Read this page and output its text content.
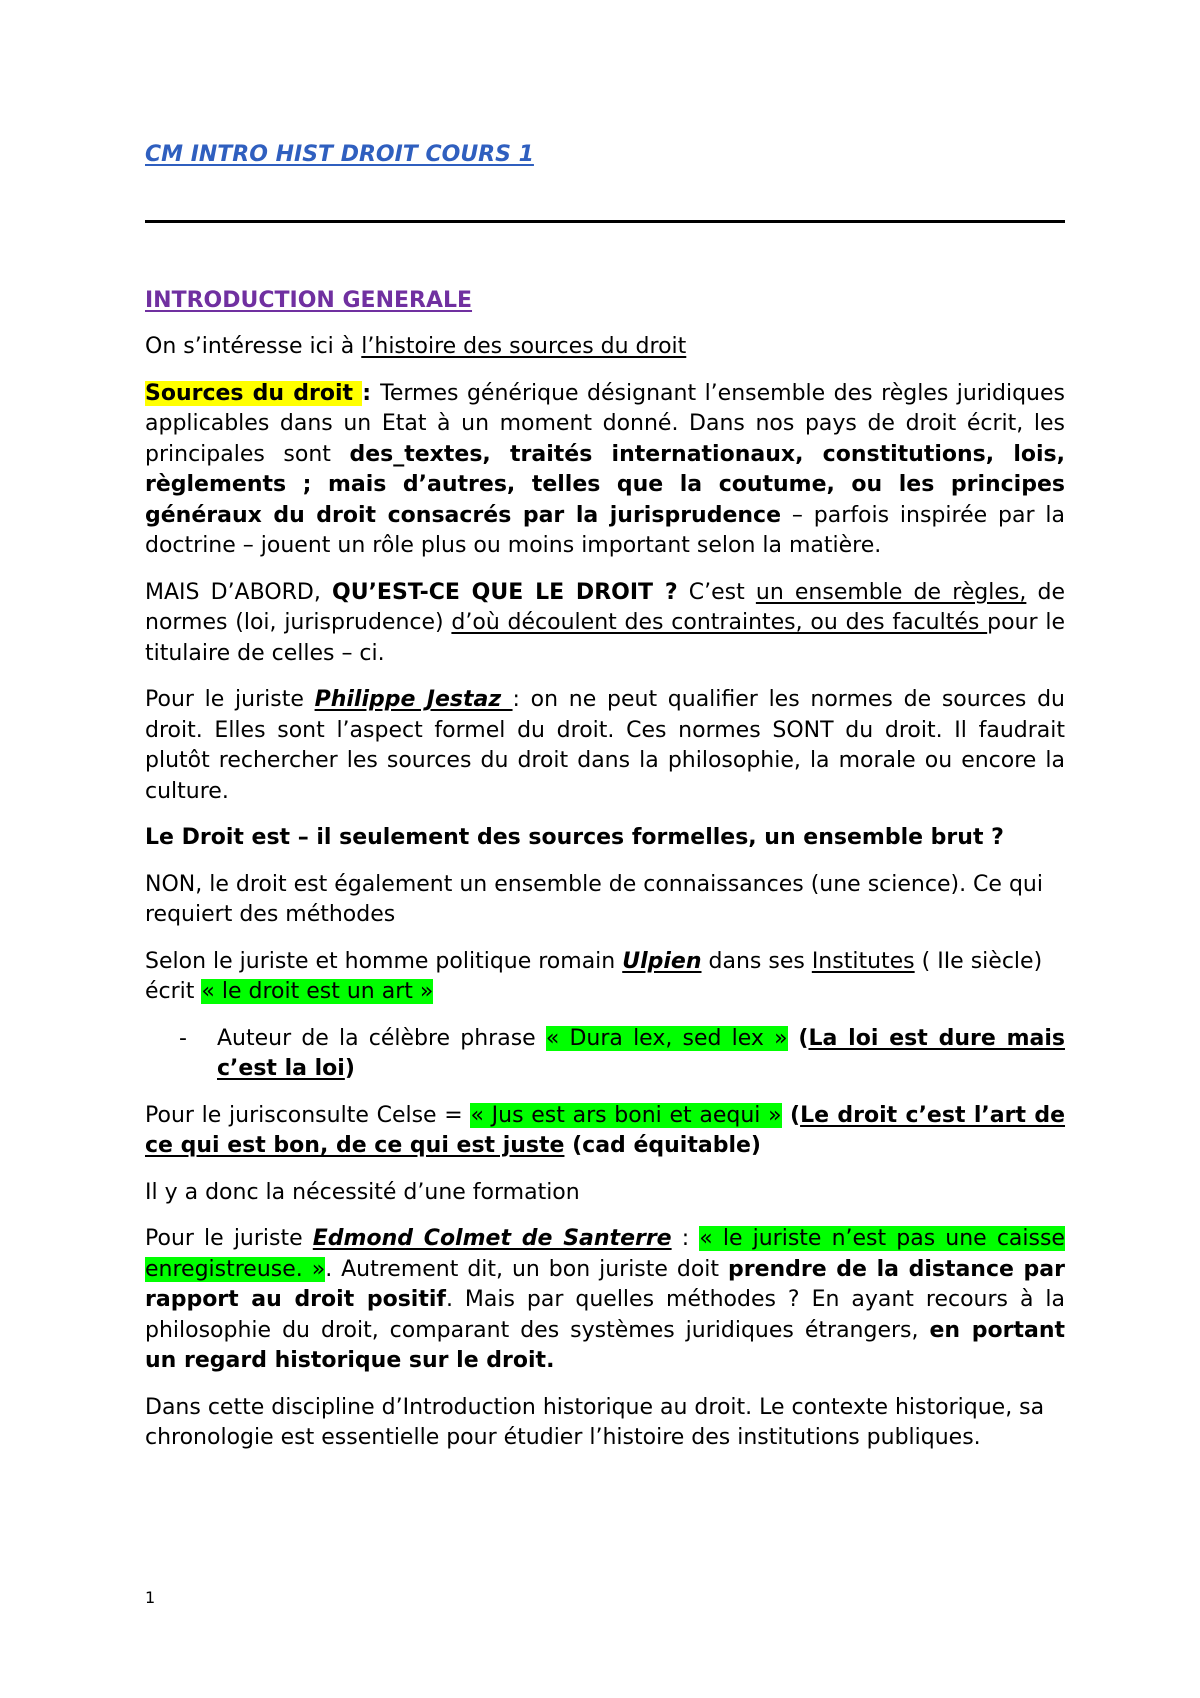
CM INTRO HIST DROIT COURS 1
INTRODUCTION GENERALE

On s’intéresse ici à l’histoire des sources du droit

Sources du droit : Termes générique désignant l’ensemble des règles juridiques applicables dans un Etat à un moment donné. Dans nos pays de droit écrit, les principales sont des_textes, traités internationaux, constitutions, lois, règlements ; mais d’autres, telles que la coutume, ou les principes généraux du droit consacrés par la jurisprudence – parfois inspirée par la doctrine – jouent un rôle plus ou moins important selon la matière.

MAIS D’ABORD, QU’EST-CE QUE LE DROIT ? C’est un ensemble de règles, de normes (loi, jurisprudence) d’où découlent des contraintes, ou des facultés pour le titulaire de celles – ci.

Pour le juriste Philippe Jestaz : on ne peut qualifier les normes de sources du droit. Elles sont l’aspect formel du droit. Ces normes SONT du droit. Il faudrait plutôt rechercher les sources du droit dans la philosophie, la morale ou encore la culture.

Le Droit est – il seulement des sources formelles, un ensemble brut ?

NON, le droit est également un ensemble de connaissances (une science). Ce qui requiert des méthodes

Selon le juriste et homme politique romain Ulpien dans ses Institutes ( IIe siècle) écrit « le droit est un art »

-	Auteur de la célèbre phrase « Dura lex, sed lex » (La loi est dure mais c’est la loi)

Pour le jurisconsulte Celse = « Jus est ars boni et aequi » (Le droit c’est l’art de ce qui est bon, de ce qui est juste (cad équitable)

Il y a donc la nécessité d’une formation

Pour le juriste Edmond Colmet de Santerre : « le juriste n’est pas une caisse enregistreuse. ». Autrement dit, un bon juriste doit prendre de la distance par rapport au droit positif. Mais par quelles méthodes ? En ayant recours à la philosophie du droit, comparant des systèmes juridiques étrangers, en portant un regard historique sur le droit.

Dans cette discipline d’Introduction historique au droit. Le contexte historique, sa chronologie est essentielle pour étudier l’histoire des institutions publiques.

1
